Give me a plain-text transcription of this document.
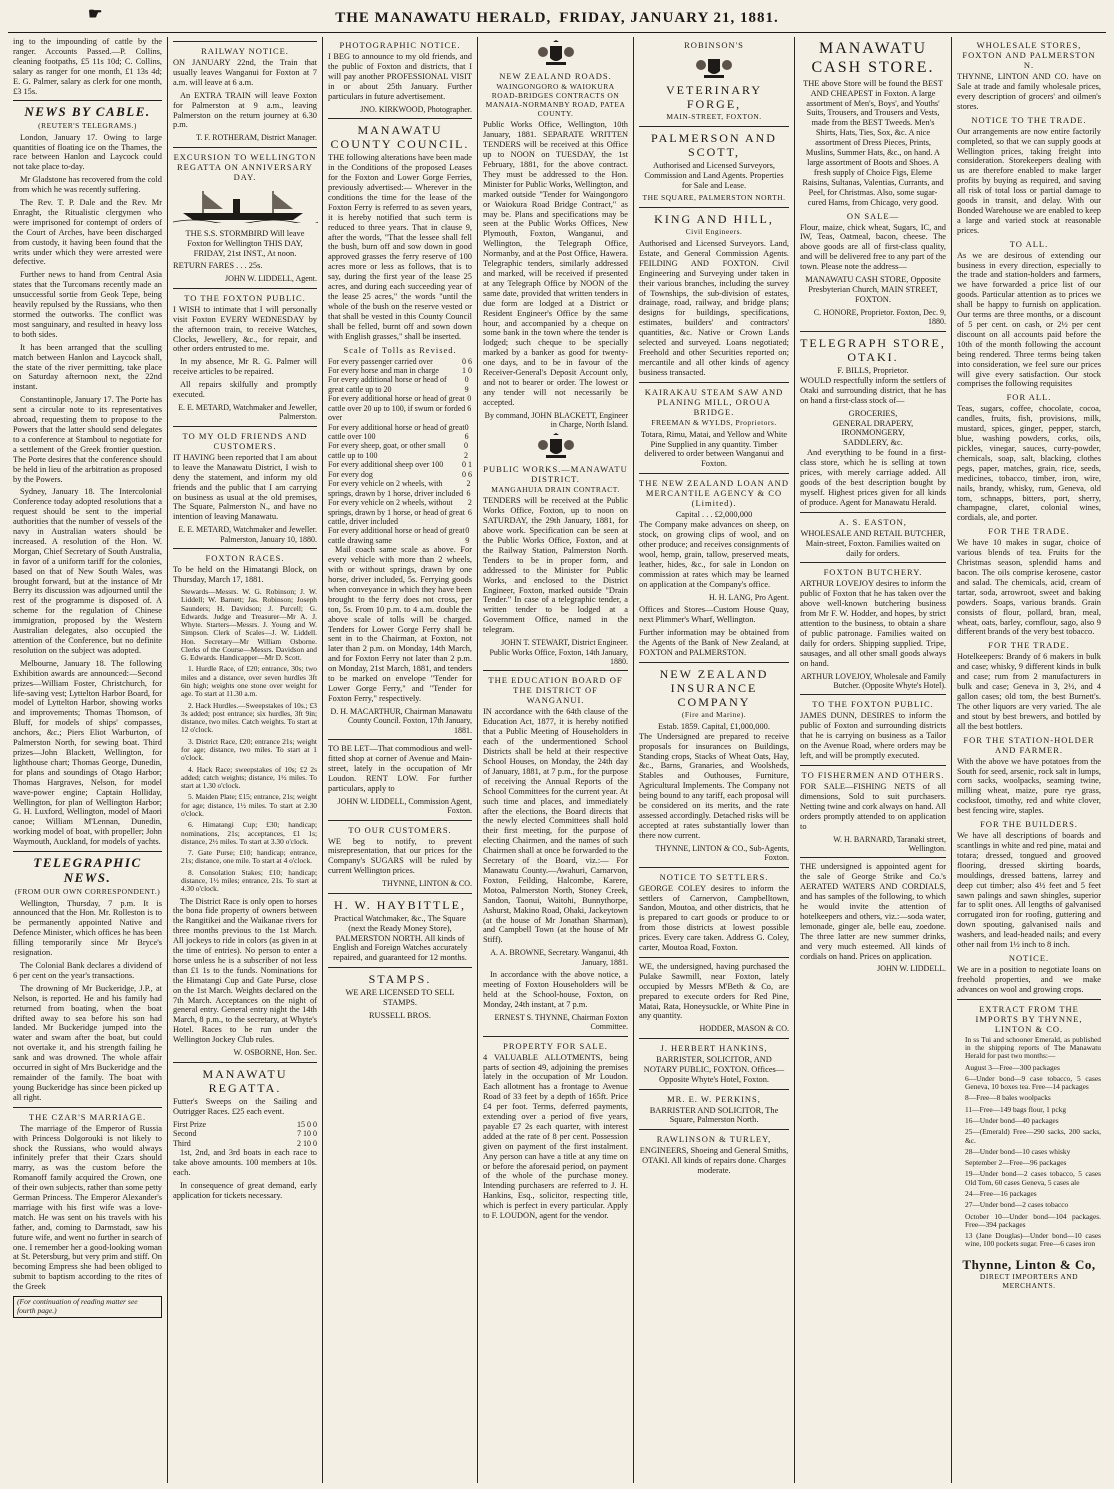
☛	THE MANAWATU HERALD, FRIDAY, JANUARY 21, 1881.

ing to the impounding of cattle by the ranger. Accounts Passed.—P. Collins, cleaning footpaths, £5 11s 10d; C. Collins, salary as ranger for one month, £1 13s 4d; E. G. Palmer, salary as clerk for one month, £3 15s.

NEWS BY CABLE.
(REUTER'S TELEGRAMS.)

London, January 17. Owing to large quantities of floating ice on the Thames, the race between Hanlon and Laycock could not take place to-day.

Mr Gladstone has recovered from the cold from which he was recently suffering.

The Rev. T. P. Dale and the Rev. Mr Enraght, the Ritualistic clergymen who were imprisoned for contempt of orders of the Court of Arches, have been discharged from custody, it having been found that the writs under which they were arrested were defective.

Further news to hand from Central Asia states that the Turcomans recently made an unsuccessful sortie from Geok Tepe, being heavily repulsed by the Russians, who then stormed the outworks. The conflict was most sanguinary, and resulted in heavy loss to both sides.

It has been arranged that the sculling match between Hanlon and Laycock shall, the state of the river permitting, take place on Saturday afternoon next, the 22nd instant.

Constantinople, January 17. The Porte has sent a circular note to its representatives abroad, requesting them to propose to the Powers that the latter should send delegates to a conference at Stamboul to negotiate for a settlement of the Greek frontier question. The Porte desires that the conference should be held in lieu of the arbitration as proposed by the Powers.

Sydney, January 18. The Intercolonial Conference today adopted resolutions that a request should be sent to the imperial authorities that the number of vessels of the navy in Australian waters should be increased. A resolution of the Hon. W. Morgan, Chief Secretary of South Australia, in favor of a uniform tariff for the colonies, based on that of New South Wales, was brought forward, but at the instance of Mr Berry its discussion was adjourned until the rest of the programme is disposed of. A scheme for the regulation of Chinese immigration, proposed by the Western Australian delegates, also occupied the attention of the Conference, but no definite resolution on the subject was adopted.

Melbourne, January 18. The following Exhibition awards are announced:—Second prizes—William Foster, Christchurch, for life-saving vest; Lyttelton Harbor Board, for model of Lyttelton Harbor, showing works and improvements; Thomas Thomson, of Bluff, for models of ships' compasses, anchors, &c.; Piers Eliot Warburton, of Palmerston North, for sewing boat. Third prizes—John Blackett, Wellington, for lighthouse chart; Thomas George, Dunedin, for plans and soundings of Otago Harbor; Thomas Hargraves, Nelson, for model wave-power engine; Captain Holliday, Wellington, for plan of Wellington Harbor; G. H. Luxford, Wellington, model of Maori canoe; William M'Lennan, Dunedin, working model of boat, with propeller; John Waymouth, Auckland, for models of yachts.

TELEGRAPHIC NEWS.
(FROM OUR OWN CORRESPONDENT.)

Wellington, Thursday, 7 p.m. It is announced that the Hon. Mr. Rolleston is to be permanently appointed Native and Defence Minister, which offices he has been filling temporarily since Mr Bryce's resignation.

The Colonial Bank declares a dividend of 6 per cent on the year's transactions.

The drowning of Mr Buckeridge, J.P., at Nelson, is reported. He and his family had returned from boating, when the boat drifted away to sea before his son had landed. Mr Buckeridge jumped into the water and swam after the boat, but could not overtake it, and his strength failing he sank and was drowned. The whole affair occurred in sight of Mrs Buckeridge and the remainder of the family. The boat with young Buckeridge has since been picked up all right.

THE CZAR'S MARRIAGE.

The marriage of the Emperor of Russia with Princess Dolgorouki is not likely to shock the Russians, who would always infinitely prefer that their Czars should marry, as was the custom before the Romanoff family acquired the Crown, one of their own subjects, rather than some petty German Princess. The Emperor Alexander's marriage with his first wife was a love-match. He was sent on his travels with his father, and, coming to Darmstadt, saw his future wife, and went no further in search of one. I remember her a good-looking woman at St. Petersburg, but very prim and stiff. On becoming Empress she had been obliged to submit to baptism according to the rites of the Greek

(For continuation of reading matter see fourth page.)
RAILWAY NOTICE.

ON JANUARY 22nd, the Train that usually leaves Wanganui for Foxton at 7 a.m. will leave at 6 a.m.

An EXTRA TRAIN will leave Foxton for Palmerston at 9 a.m., leaving Palmerston on the return journey at 6.30 p.m.

T. F. ROTHERAM, District Manager.
EXCURSION TO WELLINGTON REGATTA ON ANNIVERSARY DAY.

THE S.S. STORMBIRD Will leave Foxton for Wellington THIS DAY, FRIDAY, 21st INST., At noon.

RETURN FARES . . . 25s.

JOHN W. LIDDELL, Agent.
TO THE FOXTON PUBLIC.

I WISH to intimate that I will personally visit Foxton EVERY WEDNESDAY by the afternoon train, to receive Watches, Clocks, Jewellery, &c., for repair, and other orders entrusted to me.

In my absence, Mr R. G. Palmer will receive articles to be repaired.

All repairs skilfully and promptly executed.

E. E. METARD, Watchmaker and Jeweller, Palmerston.
TO MY OLD FRIENDS AND CUSTOMERS.

IT HAVING been reported that I am about to leave the Manawatu District, I wish to deny the statement, and inform my old friends and the public that I am carrying on business as usual at the old premises, The Square, Palmerston N., and have no intention of leaving Manawatu.

E. E. METARD, Watchmaker and Jeweller. Palmerston, January 10, 1880.
FOXTON RACES.

To be held on the Himatangi Block, on Thursday, March 17, 1881.

Stewards—Messrs. W. G. Robinson; J. W. Liddell; W. Barnett; Jas. Robinson; Joseph Saunders; H. Davidson; J. Purcell; G. Edwards. Judge and Treasurer—Mr A. J. Whyte. Starters—Messrs. J. Young and W. Simpson. Clerk of Scales—J. W. Liddell. Hon. Secretary—Mr William Osborne. Clerks of the Course—Messrs. Davidson and G. Edwards. Handicapper—Mr D. Scott.

1. Hurdle Race, of £20; entrance, 30s; two miles and a distance, over seven hurdles 3ft 6in high; weights one stone over weight for age. To start at 11.30 a.m.

2. Hack Hurdles.—Sweepstakes of 10s.; £3 3s added; post entrance; six hurdles, 3ft 9in; distance, two miles. Catch weights. To start at 12 o'clock.

3. District Race, £20; entrance 21s; weight for age; distance, two miles. To start at 1 o'clock.

4. Hack Race; sweepstakes of 10s; £2 2s added; catch weights; distance, 1½ miles. To start at 1.30 o'clock.

5. Maiden Plate; £15; entrance, 21s; weight for age; distance, 1½ miles. To start at 2.30 o'clock.

6. Himatangi Cup; £30; handicap; nominations, 21s; acceptances, £1 1s; distance, 2½ miles. To start at 3.30 o'clock.

7. Gate Purse; £10; handicap; entrance, 21s; distance, one mile. To start at 4 o'clock.

8. Consolation Stakes; £10; handicap; distance, 1½ miles; entrance, 21s. To start at 4.30 o'clock.

The District Race is only open to horses the bona fide property of owners between the Rangitikei and the Waikanae rivers for three months previous to the 1st March. All jockeys to ride in colors (as given in at the time of entries). No person to enter a horse unless he is a subscriber of not less than £1 1s to the funds. Nominations for the Himatangi Cup and Gate Purse, close on the 1st March. Weights declared on the 7th March. Acceptances on the night of general entry. General entry night the 14th March, 8 p.m., to the secretary, at Whyte's Hotel. Races to be run under the Wellington Jockey Club rules.

W. OSBORNE, Hon. Sec.
MANAWATU REGATTA.

Futter's Sweeps on the Sailing and Outrigger Races. £25 each event.

First Prize	15 0 0
Second	7 10 0
Third	2 10 0

1st, 2nd, and 3rd boats in each race to take above amounts. 100 members at 10s. each.

In consequence of great demand, early application for tickets necessary.

PHOTOGRAPHIC NOTICE.

I BEG to announce to my old friends, and the public of Foxton and districts, that I will pay another PROFESSIONAL VISIT in or about 25th January. Further particulars in future advertisement.

JNO. KIRKWOOD, Photographer.
MANAWATU COUNTY COUNCIL.

THE following alterations have been made in the Conditions of the proposed Leases for the Foxton and Lower Gorge Ferries, previously advertised:— Wherever in the conditions the time for the lease of the Foxton Ferry is referred to as seven years, it is hereby notified that such term is reduced to three years. That in clause 9, after the words, "That the lessee shall fell the bush, burn off and sow down in good approved grasses the ferry reserve of 100 acres more or less as follows, that is to say, during the first year of the lease 25 acres, and during each succeeding year of the lease 25 acres," the words "until the whole of the bush on the reserve vested or that shall be vested in this County Council shall be felled, burnt off and sown down with English grasses," shall be inserted.

Scale of Tolls as Revised.
For every passenger carried over	0 6
For every horse and man in charge	1 0
For every additional horse or head of great cattle up to 20
0 9
For every additional horse or head of great cattle over 20 up to 100, if swum or forded over
0 6
For every additional horse or head of great cattle over 100
0 6
For every sheep, goat, or other small cattle up to 100
0 2
For every additional sheep over 100 0 1
For every dog	0 6
For every vehicle on 2 wheels, with springs, drawn by 1 horse, driver included
2 6
For every vehicle on 2 wheels, without springs, drawn by 1 horse, or head of great cattle, driver included
2 6
For every additional horse or head of great cattle drawing same
0 9

Mail coach same scale as above. For every vehicle with more than 2 wheels, with or without springs, drawn by one horse, driver included, 5s. Ferrying goods when conveyance in which they have been brought to the ferry does not cross, per ton, 5s. From 10 p.m. to 4 a.m. double the above scale of tolls will be charged. Tenders for Lower Gorge Ferry shall be sent in to the Chairman, at Foxton, not later than 2 p.m. on Monday, 14th March, and for Foxton Ferry not later than 2 p.m. on Monday, 21st March, 1881, and tenders to be marked on envelope "Tender for Lower Gorge Ferry," and "Tender for Foxton Ferry," respectively.

D. H. MACARTHUR, Chairman Manawatu County Council. Foxton, 17th January, 1881.

TO BE LET—That commodious and well-fitted shop at corner of Avenue and Main-street, lately in the occupation of Mr Loudon. RENT LOW. For further particulars, apply to

JOHN W. LIDDELL, Commission Agent, Foxton.
TO OUR CUSTOMERS.

WE beg to notify, to prevent misrepresentation, that our prices for the Company's SUGARS will be ruled by current Wellington prices.

THYNNE, LINTON & CO.
H. W. HAYBITTLE,

Practical Watchmaker, &c., The Square (next the Ready Money Store), PALMERSTON NORTH. All kinds of English and Foreign Watches accurately repaired, and guaranteed for 12 months.

STAMPS.

WE ARE LICENSED TO SELL STAMPS.

RUSSELL BROS.
NEW ZEALAND ROADS.
WAINGONGORO & WAIOKURA ROAD-BRIDGES CONTRACTS ON MANAIA-NORMANBY ROAD, PATEA COUNTY.

Public Works Office, Wellington, 10th January, 1881. SEPARATE WRITTEN TENDERS will be received at this Office up to NOON on TUESDAY, the 1st February, 1881, for the above contract. They must be addressed to the Hon. Minister for Public Works, Wellington, and marked outside "Tender for Waingongoro or Waiokura Road Bridge Contract," as may be. Plans and specifications may be seen at the Public Works Offices, New Plymouth, Foxton, Wanganui, and Wellington, the Telegraph Office, Normanby, and at the Post Office, Hawera. Telegraphic tenders, similarly addressed and marked, will be received if presented at any Telegraph Office by NOON of the same date, provided that written tenders in due form are lodged at a District or Resident Engineer's Office by the same hour, and accompanied by a cheque on some bank in the town where the tender is lodged; such cheque to be specially marked by a banker as good for twenty-one days, and to be in favour of the Receiver-General's Deposit Account only, and not to bearer or order. The lowest or any tender will not necessarily be accepted.

By command, JOHN BLACKETT, Engineer in Charge, North Island.
PUBLIC WORKS.—MANAWATU DISTRICT.
MANGAHUIA DRAIN CONTRACT.

TENDERS will be received at the Public Works Office, Foxton, up to noon on SATURDAY, the 29th January, 1881, for above work. Specification can be seen at the Public Works Office, Foxton, and at the Railway Station, Palmerston North. Tenders to be in proper form, and addressed to the Minister for Public Works, and enclosed to the District Engineer, Foxton, marked outside "Drain Tender." In case of a telegraphic tender, a written tender to be lodged at a Government Office, named in the telegram.

JOHN T. STEWART, District Engineer. Public Works Office, Foxton, 14th January, 1880.
THE EDUCATION BOARD OF THE DISTRICT OF WANGANUI.

IN accordance with the 64th clause of the Education Act, 1877, it is hereby notified that a Public Meeting of Householders in each of the undermentioned School Districts shall be held at their respective School Houses, on Monday, the 24th day of January, 1881, at 7 p.m., for the purpose of receiving the Annual Reports of the School Committees for the current year. At such time and places, and immediately after the elections, the Board directs that the newly elected Committees shall hold their first meeting, for the purpose of electing Chairmen, and the names of such Chairmen shall at once be forwarded to the Secretary of the Board, viz.:— For Manawatu County.—Awahuri, Carnarvon, Foxton, Feilding, Halcombe, Karere, Motoa, Palmerston North, Stoney Creek, Sandon, Taonui, Waitohi, Bunnythorpe, Ashurst, Makino Road, Ohaki, Jackeytown (at the house of Mr Jonathan Sharman), and Campbell Town (at the house of Mr Stiff).

A. A. BROWNE, Secretary. Wanganui, 4th January, 1881.

In accordance with the above notice, a meeting of Foxton Householders will be held at the School-house, Foxton, on Monday, 24th instant, at 7 p.m.

ERNEST S. THYNNE, Chairman Foxton Committee.
PROPERTY FOR SALE.

4 VALUABLE ALLOTMENTS, being parts of section 49, adjoining the premises lately in the occupation of Mr Loudon. Each allotment has a frontage to Avenue Road of 33 feet by a depth of 165ft. Price £4 per foot. Terms, deferred payments, extending over a period of five years, payable £7 2s each quarter, with interest added at the rate of 8 per cent. Possession given on payment of the first instalment. Any person can have a title at any time on or before the aforesaid period, on payment of the whole of the purchase money. Intending purchasers are referred to J. H. Hankins, Esq., solicitor, respecting title, which is perfect in every particular. Apply to F. LOUDON, agent for the vendor.

ROBINSON'S
VETERINARY FORGE,
MAIN-STREET, FOXTON.
PALMERSON AND SCOTT,

Authorised and Licensed Surveyors, Commission and Land Agents. Properties for Sale and Lease.

THE SQUARE, PALMERSTON NORTH.
KING AND HILL,
Civil Engineers.

Authorised and Licensed Surveyors. Land, Estate, and General Commission Agents. FEILDING AND FOXTON. Civil Engineering and Surveying under taken in their various branches, including the survey of Townships, the sub-division of estates, drainage, road, railway, and bridge plans; designs for buildings, specifications, estimates, builders' and contractors' quantities, &c. Native or Crown Lands selected and surveyed. Loans negotiated; Freehold and other Securities reported on; mercantile and all other kinds of agency business transacted.

KAIRAKAU STEAM SAW AND PLANING MILL, OROUA BRIDGE.
FREEMAN & WYLDS, Proprietors.

Totara, Rimu, Matai, and Yellow and White Pine Supplied in any quantity. Timber delivered to order between Wanganui and Foxton.

THE NEW ZEALAND LOAN AND MERCANTILE AGENCY & CO (Limited).
Capital . . . £2,000,000

The Company make advances on sheep, on stock, on growing clips of wool, and on other produce; and receives consignments of wool, hemp, grain, tallow, preserved meats, leather, hides, &c., for sale in London on commission at rates which may be learned on application at the Company's office.

H. H. LANG, Pro Agent.

Offices and Stores—Custom House Quay, next Plimmer's Wharf, Wellington.

Further information may be obtained from the Agents of the Bank of New Zealand, at FOXTON and PALMERSTON.

NEW ZEALAND INSURANCE COMPANY
(Fire and Marine).
Estab. 1859. Capital, £1,000,000.

The Undersigned are prepared to receive proposals for insurances on Buildings, Standing crops, Stacks of Wheat Oats, Hay, &c., Barns, Granaries, and Woolsheds, Stables and Outhouses, Furniture, Agricultural Implements. The Company not being bound to any tariff, each proposal will be considered on its merits, and the rate assessed accordingly. Detached risks will be accepted at rates substantially lower than there now current.

THYNNE, LINTON & CO., Sub-Agents, Foxton.
NOTICE TO SETTLERS.

GEORGE COLEY desires to inform the settlers of Carnervon, Campbelltown, Sandon, Moutoa, and other districts, that he is prepared to cart goods or produce to or from those districts at lowest possible prices. Every care taken. Address G. Coley, carter, Moutoa Road, Foxton.

WE, the undersigned, having purchased the Pulake Sawmill, near Foxton, lately occupied by Messrs M'Beth & Co, are prepared to execute orders for Red Pine, Matai, Rata, Honeysuckle, or White Pine in any quantity.

HODDER, MASON & CO.
J. HERBERT HANKINS,

BARRISTER, SOLICITOR, AND NOTARY PUBLIC, FOXTON. Offices—Opposite Whyte's Hotel, Foxton.

MR. E. W. PERKINS,

BARRISTER AND SOLICITOR, The Square, Palmerston North.

RAWLINSON & TURLEY,

ENGINEERS, Shoeing and General Smiths, OTAKI. All kinds of repairs done. Charges moderate.

MANAWATU CASH STORE.

THE above Store will be found the BEST AND CHEAPEST in Foxton. A large assortment of Men's, Boys', and Youths' Suits, Trousers, and Trousers and Vests, made from the BEST Tweeds. Men's Shirts, Hats, Ties, Sox, &c. A nice assortment of Dress Pieces, Prints, Muslins, Summer Hats, &c., on hand. A large assortment of Boots and Shoes. A fresh supply of Choice Figs, Eleme Raisins, Sultanas, Valentias, Currants, and Peel, for Christmas. Also, some sugar-cured Hams, from Chicago, very good.

ON SALE—

Flour, maize, chick wheat, Sugars, IC, and IW, Teas, Oatmeal, bacon, cheese. The above goods are all of first-class quality, and will be delivered free to any part of the town. Please note the address—

MANAWATU CASH STORE, Opposite Presbyterian Church, MAIN STREET, FOXTON.

C. HONORE, Proprietor. Foxton, Dec. 9, 1880.
TELEGRAPH STORE, OTAKI.
F. BILLS, Proprietor.

WOULD respectfully inform the settlers of Otaki and surrounding district, that he has on hand a first-class stock of—

GROCERIES,
GENERAL DRAPERY,
IRONMONGERY,
SADDLERY, &c.

And everything to be found in a first-class store, which he is selling at town prices, with merely carriage added. All goods of the best description bought by myself. Highest prices given for all kinds of produce. Agent for Manawatu Herald.

A. S. EASTON,

WHOLESALE AND RETAIL BUTCHER, Main-street, Foxton. Families waited on daily for orders.

FOXTON BUTCHERY.

ARTHUR LOVEJOY desires to inform the public of Foxton that he has taken over the above well-known butchering business from Mr F. W. Hodder, and hopes, by strict attention to the business, to obtain a share of public patronage. Families waited on daily for orders. Shipping supplied. Tripe, sausages, and all other small goods always on hand.

ARTHUR LOVEJOY, Wholesale and Family Butcher. (Opposite Whyte's Hotel).
TO THE FOXTON PUBLIC.

JAMES DUNN, DESIRES to inform the public of Foxton and surrounding districts that he is carrying on business as a Tailor on the Avenue Road, where orders may be left, and will be promptly executed.

TO FISHERMEN AND OTHERS.

FOR SALE—FISHING NETS of all dimensions, Sold to suit purchasers. Netting twine and cork always on hand. All orders promptly attended to on application to

W. H. BARNARD, Taranaki street, Wellington.

THE undersigned is appointed agent for the sale of George Strike and Co.'s AERATED WATERS AND CORDIALS, and has samples of the following, to which he would invite the attention of hotelkeepers and others, viz.:—soda water, lemonade, ginger ale, belle eau, zoedone. The three latter are new summer drinks, and very much esteemed. All kinds of cordials on hand. Prices on application.

JOHN W. LIDDELL.
WHOLESALE STORES, FOXTON AND PALMERSTON N.

THYNNE, LINTON AND CO. have on Sale at trade and family wholesale prices, every description of grocers' and oilmen's stores.

NOTICE TO THE TRADE.

Our arrangements are now entire factorily completed, so that we can supply goods at Wellington prices, taking freight into consideration. Storekeepers dealing with us are therefore enabled to make larger profits by buying as required, and saving all risk of total loss or partial damage to goods in transit, and delay. With our Bonded Warehouse we are enabled to keep a large and varied stock at reasonable prices.

TO ALL.

As we are desirous of extending our business in every direction, especially to the trade and station-holders and farmers, we have forwarded a price list of our goods. Particular attention as to prices we shall be happy to furnish on application. Our terms are three months, or a discount of 5 per cent. on cash, or 2½ per cent discount on all accounts paid before the 10th of the month following the account being rendered. Three terms being taken into consideration, we feel sure our prices will give every satisfaction. Our stock comprises the following requisites

FOR ALL.

Teas, sugars, coffee, chocolate, cocoa, candles, fruits, fish, provisions, milk, mustard, spices, ginger, pepper, starch, blue, washing powders, corks, oils, pickles, vinegar, sauces, curry-powder, chemicals, soap, salt, blacking, clothes pegs, paper, matches, grain, rice, seeds, medicines, tobacco, timber, iron, wire, nails, brandy, whisky, rum, Geneva, old tom, schnapps, bitters, port, sherry, champagne, claret, colonial wines, cordials, ale, and porter.

FOR THE TRADE.

We have 10 makes in sugar, choice of various blends of tea. Fruits for the Christmas season, splendid hams and bacon. The oils comprise kerosene, castor and salad. The chemicals, acid, cream of tartar, soda, arrowroot, sweet and baking powders. Soaps, various brands. Grain consists of flour, pollard, bran, meal, wheat, oats, barley, cornflour, sago, also 9 different brands of the very best tobacco.

FOR THE TRADE.

Hotelkeepers: Brandy of 6 makers in bulk and case; whisky, 9 different kinds in bulk and case; rum from 2 manufacturers in bulk and case; Geneva in 3, 2½, and 4 gallon cases; old tom, the best Burnett's. The other liquors are very varied. The ale and stout by best brewers, and bottled by all the best bottlers.

FOR THE STATION-HOLDER AND FARMER.

With the above we have potatoes from the South for seed, arsenic, rock salt in lumps, corn sacks, woolpacks, seaming twine, milling wheat, maize, pure rye grass, cocksfoot, timothy, red and white clover, best fencing wire, staples.

FOR THE BUILDERS.

We have all descriptions of boards and scantlings in white and red pine, matai and totara; dressed, tongued and grooved flooring, dressed skirting boards, mouldings, dressed battens, larrey and deep cut timber; also 4½ feet and 5 feet sawn palings and sawn shingles, superior far to split ones. All lengths of galvanised corrugated iron for roofing, guttering and down spouting, galvanised nails and washers, and lead-headed nails; and every other nail from 1½ inch to 8 inch.

NOTICE.

We are in a position to negotiate loans on freehold properties, and we make advances on wool and growing crops.

EXTRACT FROM THE IMPORTS BY THYNNE, LINTON & CO.

In ss Tui and schooner Emerald, as published in the shipping reports of The Manawatu Herald for past two months:—

August 3—Free—300 packages

6—Under bond—9 case tobacco, 5 cases Geneva, 10 boxes tea. Free—14 packages

8—Free—8 bales woolpacks

11—Free—149 bags flour, 1 pckg

16—Under bond—40 packages

25—(Emerald) Free—290 sacks, 200 sacks, &c.

28—Under bond—10 cases whisky

September 2—Free—96 packages

19—Under bond—2 cases tobacco, 5 cases Old Tom, 60 cases Geneva, 5 cases ale

24—Free—16 packages

27—Under bond—2 cases tobacco

October 10—Under bond—104 packages. Free—394 packages

13 (Jane Douglas)—Under bond—10 cases wine, 100 pockets sugar. Free—6 cases iron

Thynne, Linton & Co,
DIRECT IMPORTERS AND MERCHANTS.
